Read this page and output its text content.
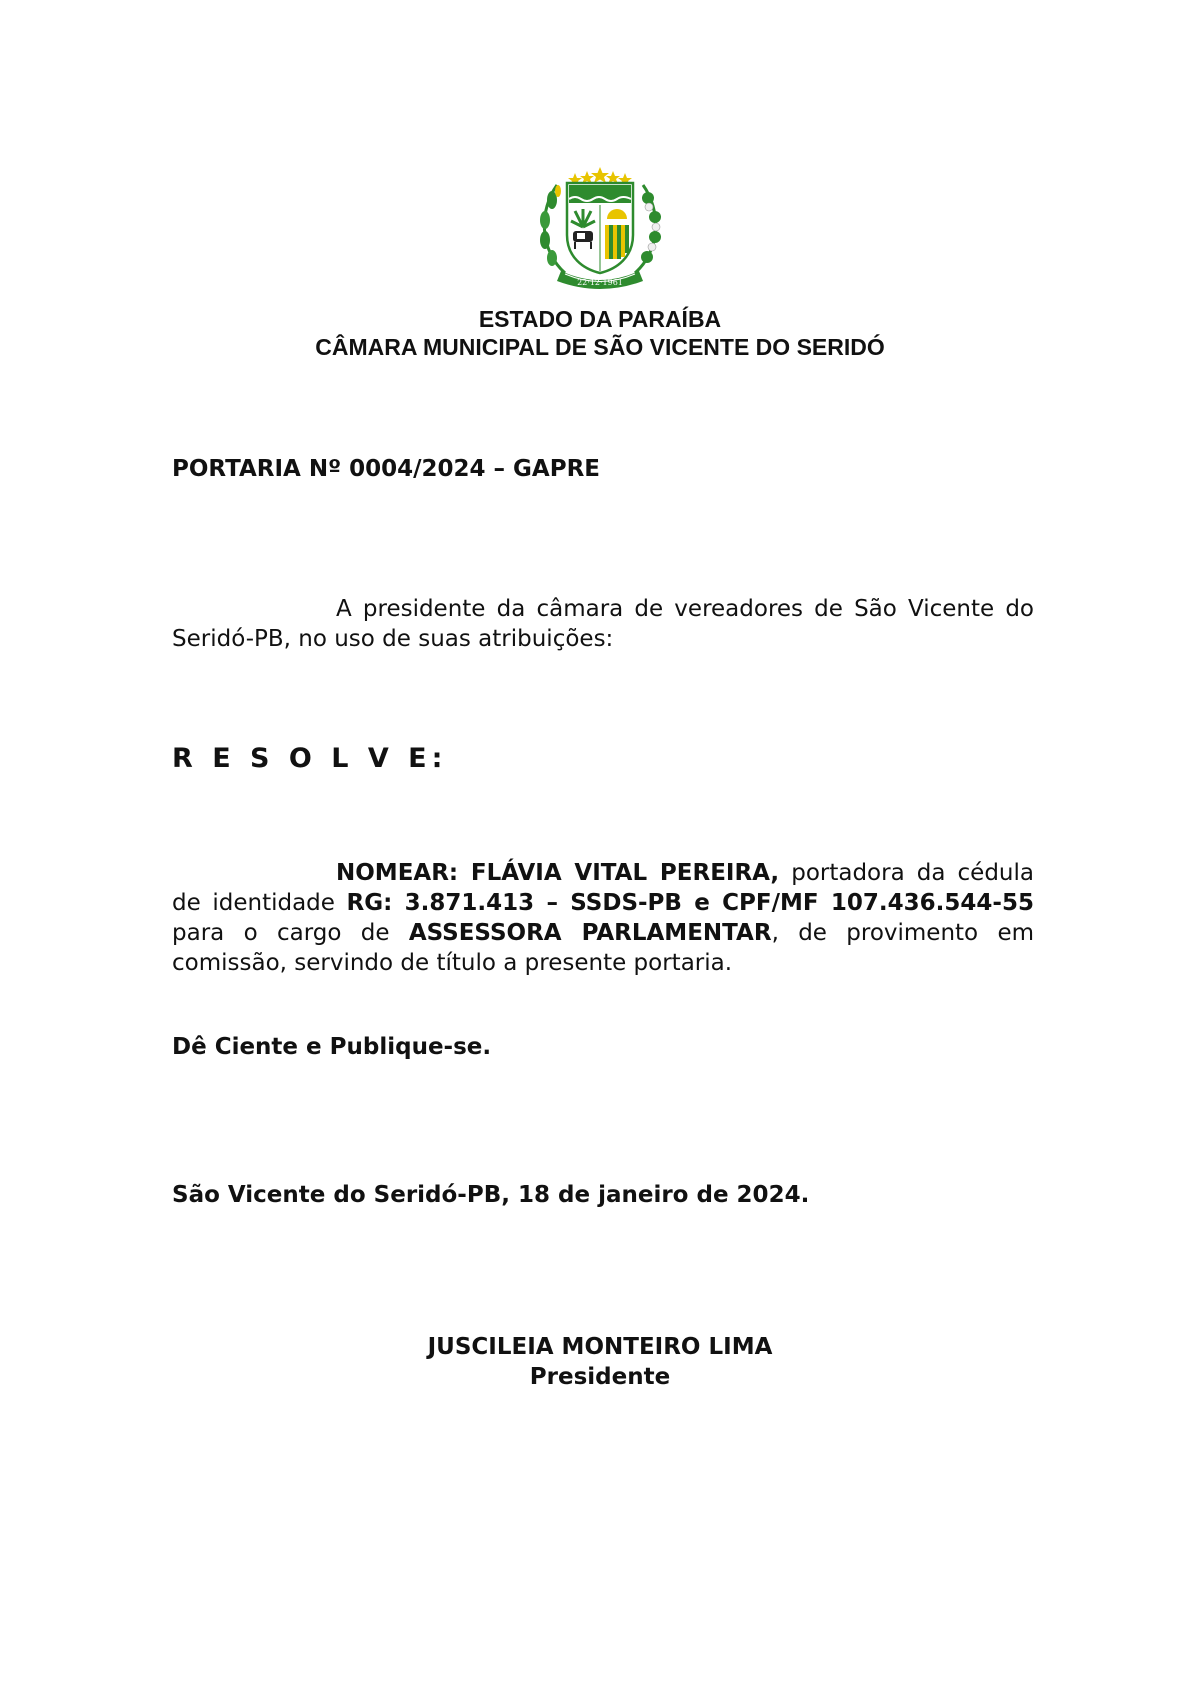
22·12·1961
ESTADO DA PARAÍBA
CÂMARA MUNICIPAL DE SÃO VICENTE DO SERIDÓ
PORTARIA Nº 0004/2024 – GAPRE
A presidente da câmara de vereadores de São Vicente do Seridó-PB, no uso de suas atribuições:
R E S O L V E:
NOMEAR: FLÁVIA VITAL PEREIRA, portadora da cédula de identidade RG: 3.871.413 – SSDS-PB e CPF/MF 107.436.544-55 para o cargo de ASSESSORA PARLAMENTAR, de provimento em comissão, servindo de título a presente portaria.
Dê Ciente e Publique-se.
São Vicente do Seridó-PB, 18 de janeiro de 2024.
JUSCILEIA MONTEIRO LIMA
Presidente
